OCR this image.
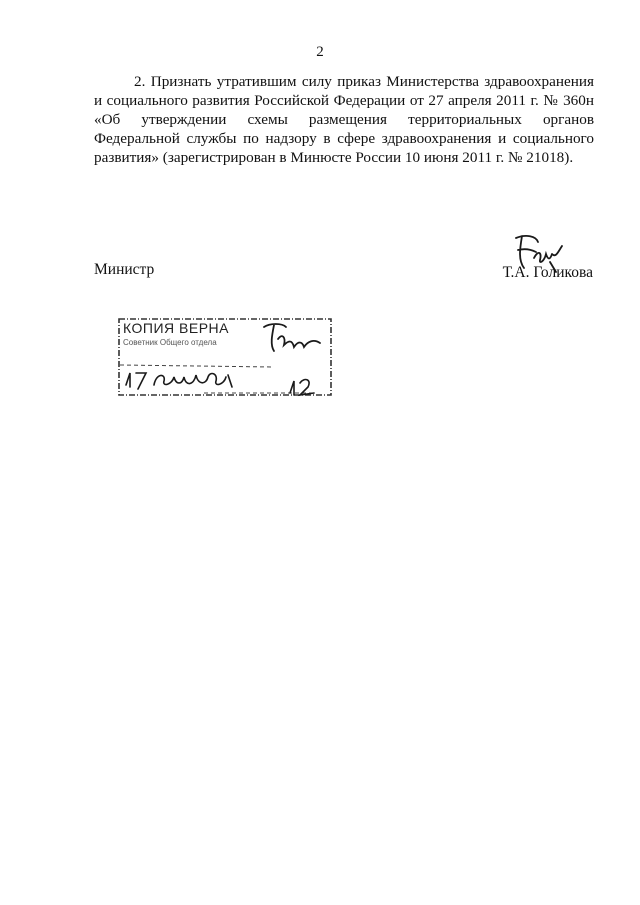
2

2. Признать утратившим силу приказ Министерства здравоохранения и социального развития Российской Федерации от 27 апреля 2011 г. № 360н «Об утверждении схемы размещения территориальных органов Федеральной службы по надзору в сфере здравоохранения и социального развития» (зарегистрирован в Минюсте России 10 июня 2011 г. № 21018).

Министр	Т.А. Голикова
КОПИЯ ВЕРНА
Советник Общего отдела
